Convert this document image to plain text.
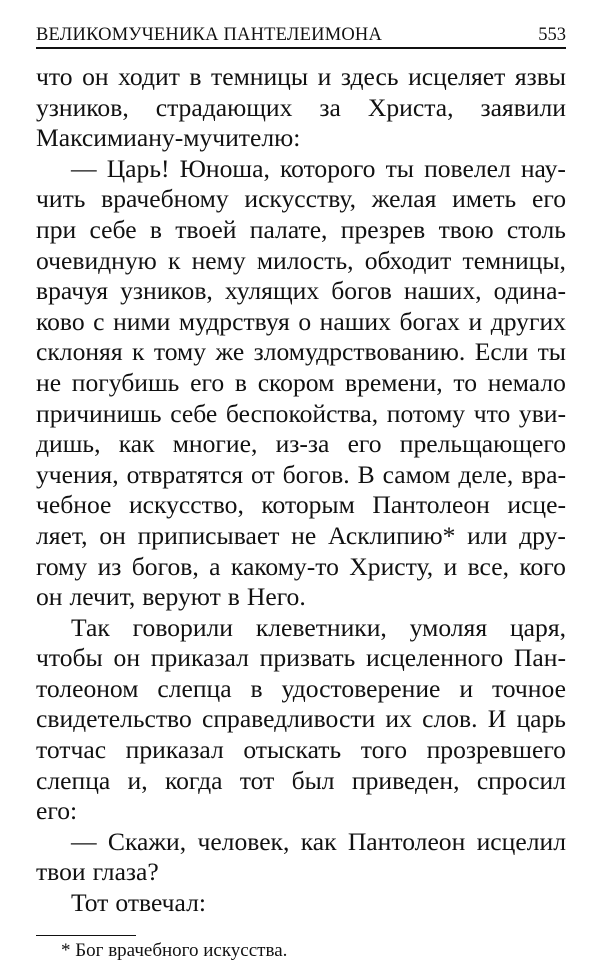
ВЕЛИКОМУЧЕНИКА ПАНТЕЛЕИМОНА	553
что он ходит в темницы и здесь исцеляет язвы
узников, страдающих за Христа, заявили
Максимиану-мучителю:
— Царь! Юноша, которого ты повелел нау-
чить врачебному искусству, желая иметь его
при себе в твоей палате, презрев твою столь
очевидную к нему милость, обходит темницы,
врачуя узников, хулящих богов наших, одина-
ково с ними мудрствуя о наших богах и других
склоняя к тому же зломудрствованию. Если ты
не погубишь его в скором времени, то немало
причинишь себе беспокойства, потому что уви-
дишь, как многие, из-за его прельщающего
учения, отвратятся от богов. В самом деле, вра-
чебное искусство, которым Пантолеон исце-
ляет, он приписывает не Асклипию* или дру-
гому из богов, а какому-то Христу, и все, кого
он лечит, веруют в Него.
Так говорили клеветники, умоляя царя,
чтобы он приказал призвать исцеленного Пан-
толеоном слепца в удостоверение и точное
свидетельство справедливости их слов. И царь
тотчас приказал отыскать того прозревшего
слепца и, когда тот был приведен, спросил
его:
— Скажи, человек, как Пантолеон исцелил
твои глаза?
Тот отвечал:
* Бог врачебного искусства.
